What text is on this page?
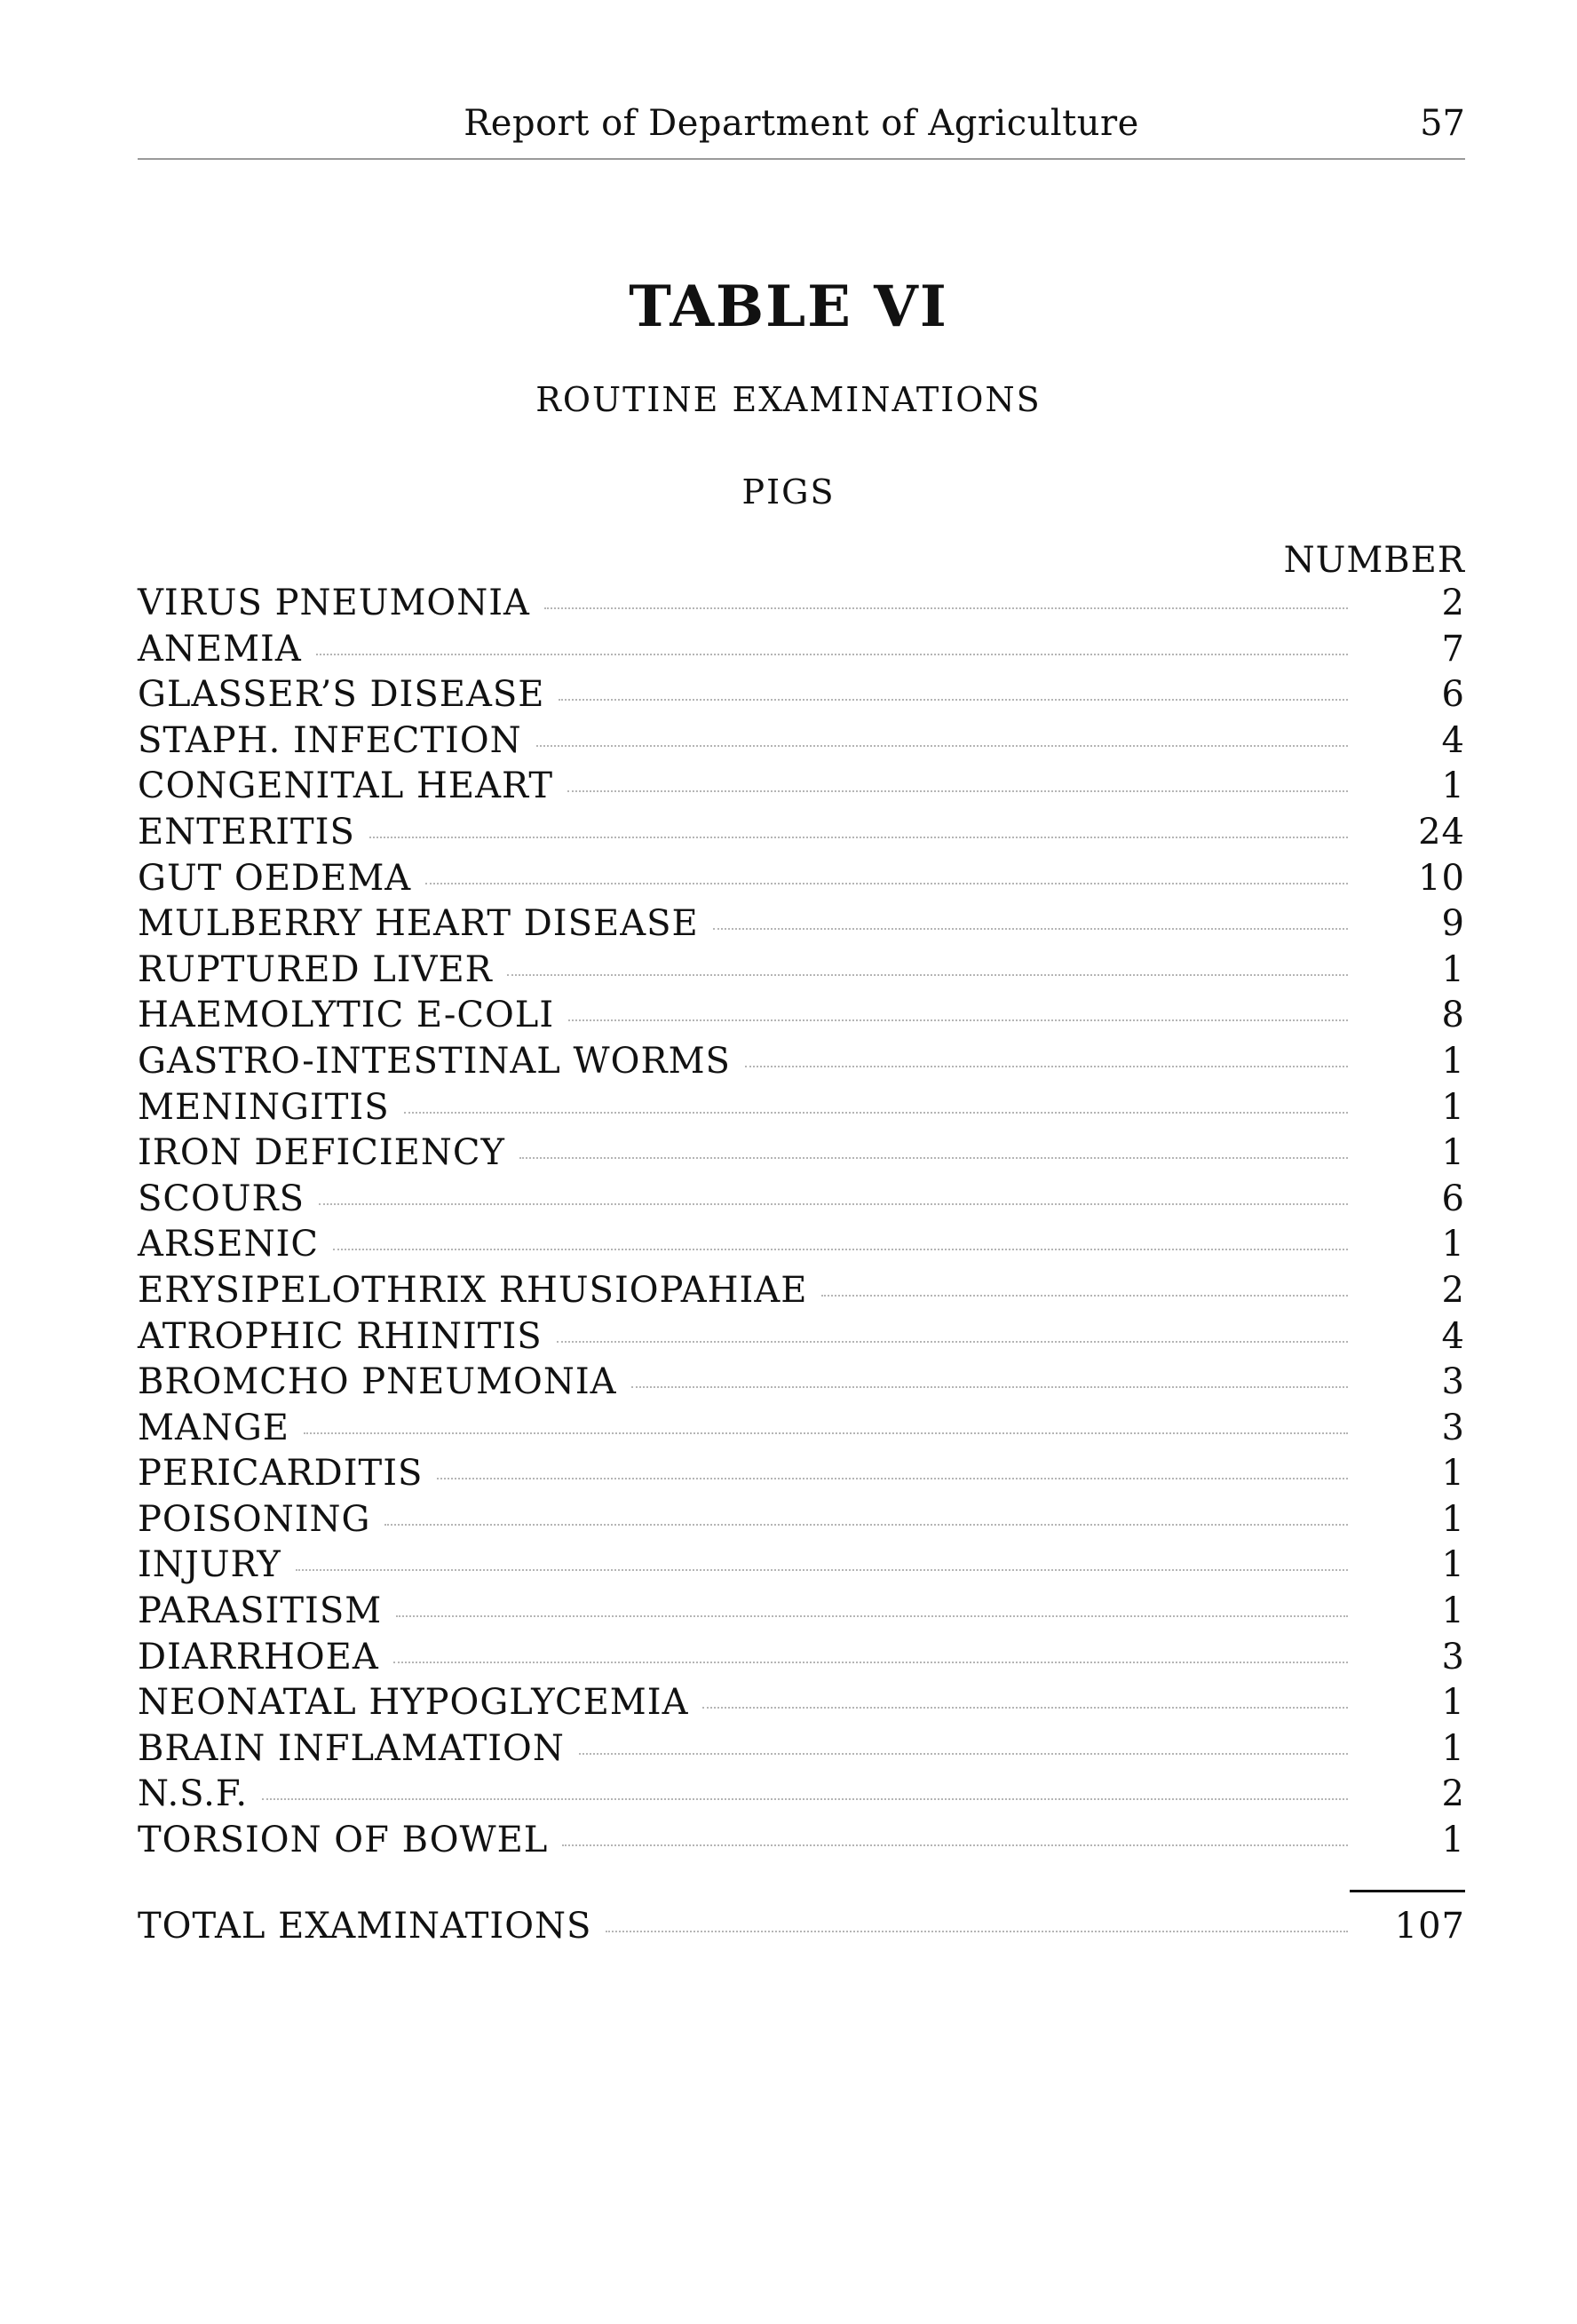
Report of Department of Agriculture	57
TABLE VI
ROUTINE EXAMINATIONS
PIGS
NUMBER
VIRUS PNEUMONIA	2
ANEMIA	7
GLASSER’S DISEASE	6
STAPH. INFECTION	4
CONGENITAL HEART	1
ENTERITIS	24
GUT OEDEMA	10
MULBERRY HEART DISEASE	9
RUPTURED LIVER	1
HAEMOLYTIC E-COLI	8
GASTRO-INTESTINAL WORMS	1
MENINGITIS	1
IRON DEFICIENCY	1
SCOURS	6
ARSENIC	1
ERYSIPELOTHRIX RHUSIOPAHIAE	2
ATROPHIC RHINITIS	4
BROMCHO PNEUMONIA	3
MANGE	3
PERICARDITIS	1
POISONING	1
INJURY	1
PARASITISM	1
DIARRHOEA	3
NEONATAL HYPOGLYCEMIA	1
BRAIN INFLAMATION	1
N.S.F.	2
TORSION OF BOWEL	1
TOTAL EXAMINATIONS	107
